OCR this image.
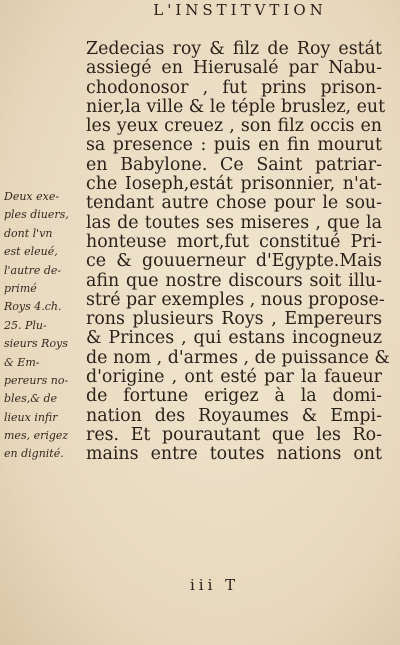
L'INSTITVTION
Zedecias roy & filz de Roy estát
assiegé en Hierusalé par Nabu-
chodonosor , fut prins prison-
nier,la ville & le téple bruslez, eut
les yeux creuez , son filz occis en
sa presence : puis en fin mourut
en Babylone. Ce Saint patriar-
che Ioseph,estát prisonnier, n'at-
tendant autre chose pour le sou-
las de toutes ses miseres , que la
honteuse mort,fut constitué Pri-
ce & gouuerneur d'Egypte.Mais
afin que nostre discours soit illu-
stré par exemples , nous propose-
rons plusieurs Roys , Empereurs
& Princes , qui estans incogneuz
de nom , d'armes , de puissance &
d'origine , ont esté par la faueur
de fortune erigez à la domi-
nation des Royaumes & Empi-
res. Et pourautant que les Ro-
mains entre toutes nations ont
Deux exe-
ples diuers,
dont l'vn
est eleué,
l'autre de-
primé
Roys 4.ch.
25. Plu-
sieurs Roys
& Em-
pereurs no-
bles,& de
lieux infir
mes, erigez
en dignité.
iii T
